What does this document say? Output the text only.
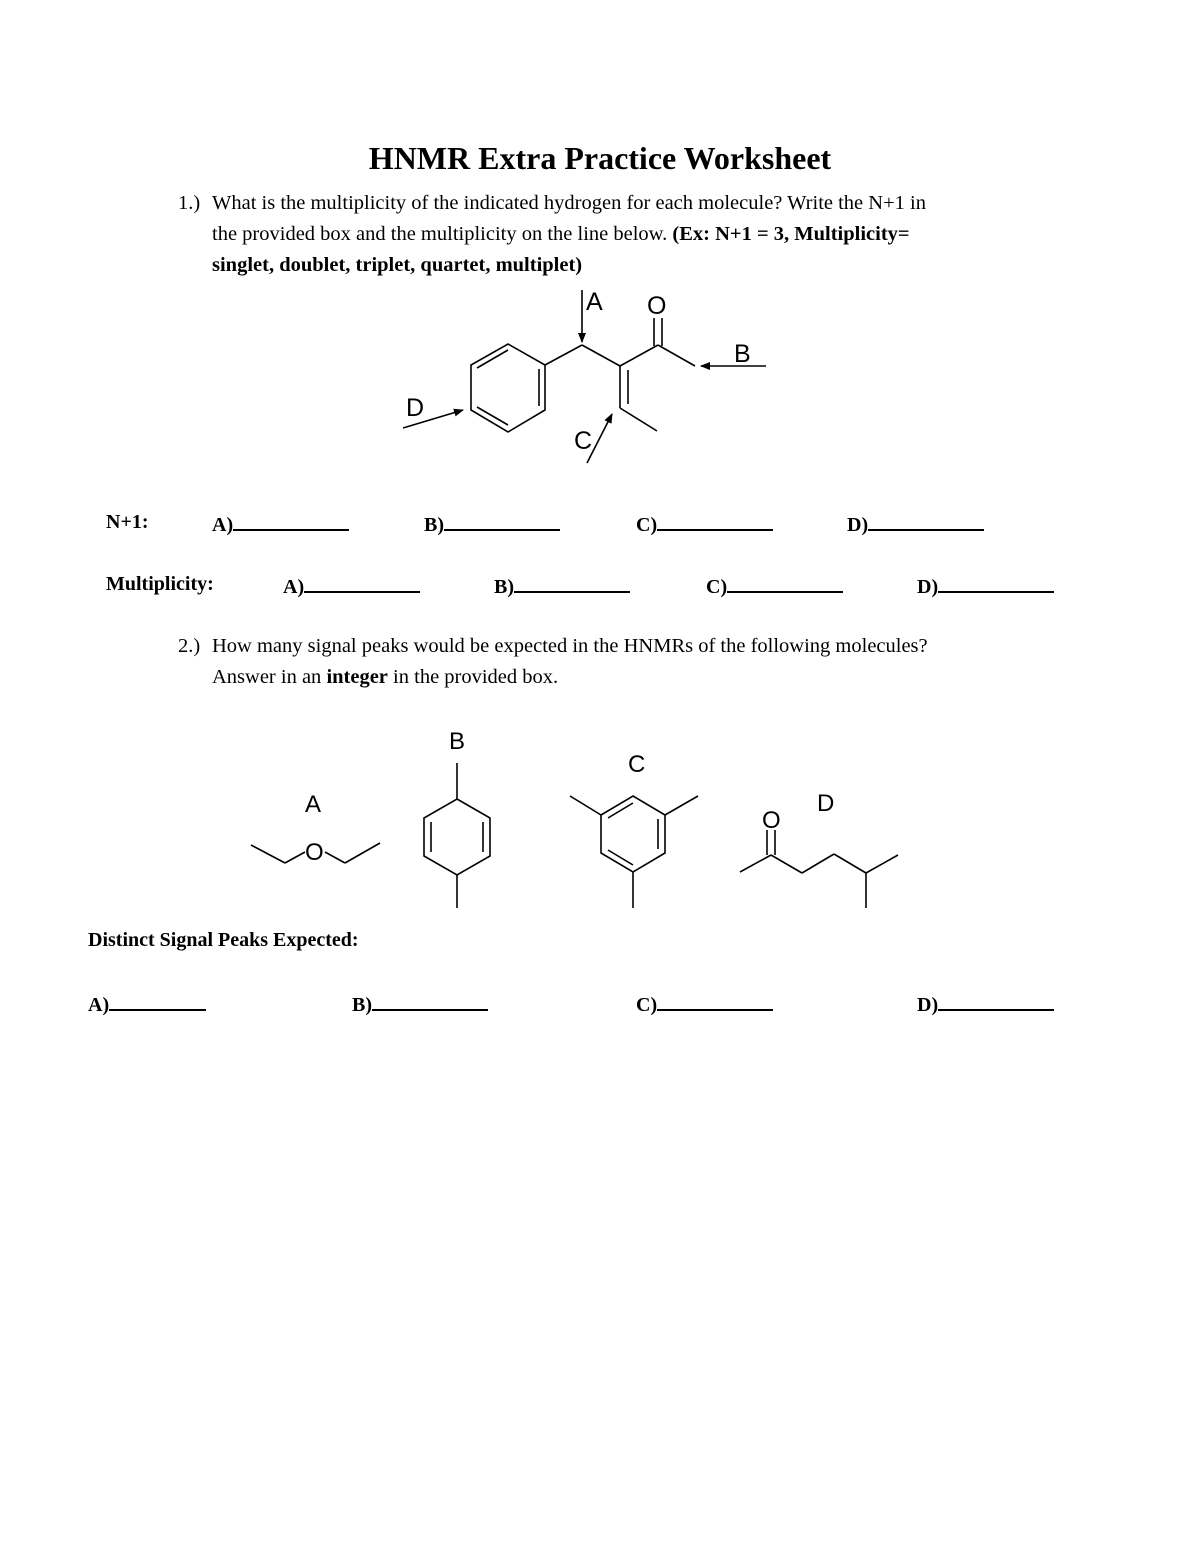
HNMR Extra Practice Worksheet
1.) What is the multiplicity of the indicated hydrogen for each molecule? Write the N+1 in
the provided box and the multiplicity on the line below. (Ex: N+1 = 3, Multiplicity=
singlet, doublet, triplet, quartet, multiplet)
A O
B
D
C
N+1:	A)	B)	C)	D)
Multiplicity:	A)	B)	C)	D)
2.) How many signal peaks would be expected in the HNMRs of the following molecules?
Answer in an integer in the provided box.
O
O
A
B
C
D
Distinct Signal Peaks Expected:
A)	B)	C)	D)
